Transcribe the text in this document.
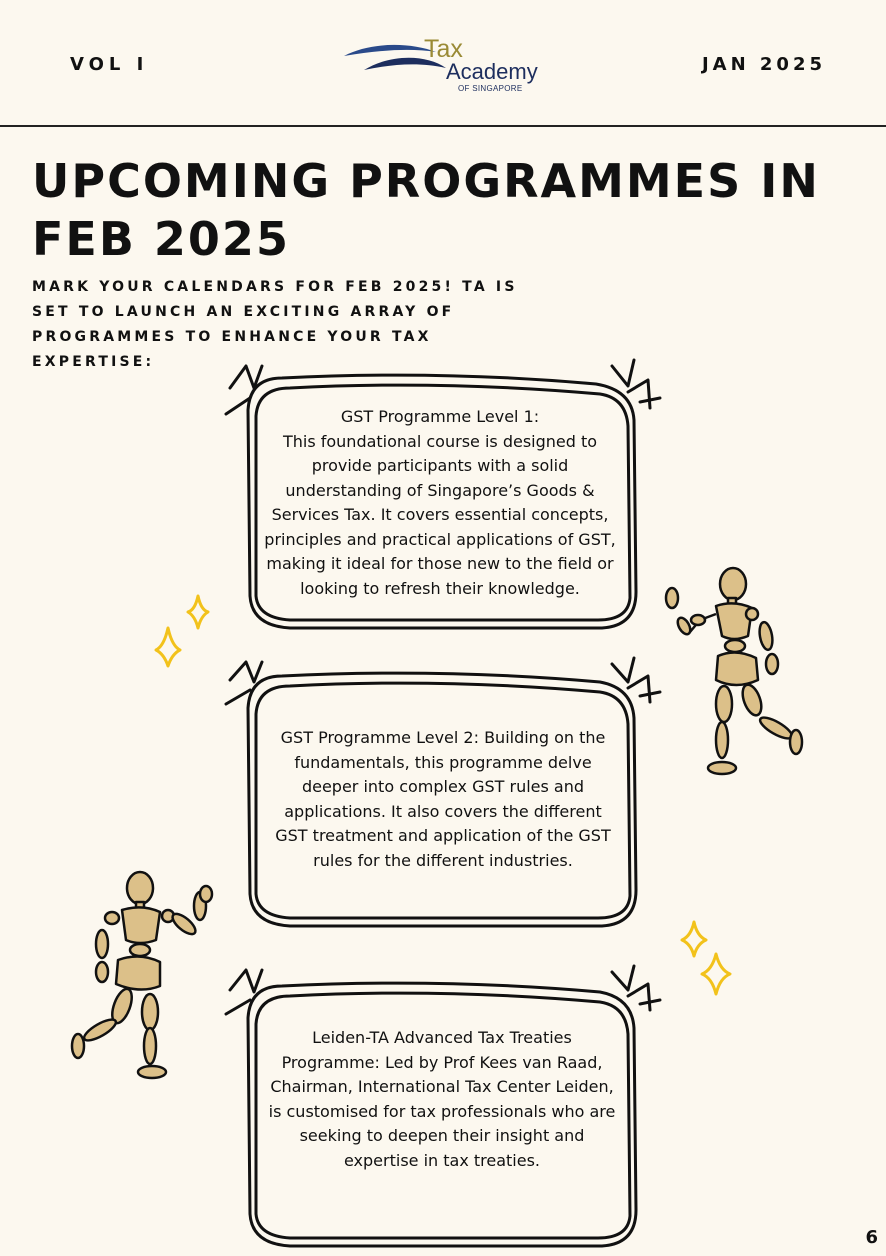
VOL I
Tax
Academy
OF SINGAPORE
JAN 2025
UPCOMING PROGRAMMES IN FEB 2025

MARK YOUR CALENDARS FOR FEB 2025! TA IS SET TO LAUNCH AN EXCITING ARRAY OF PROGRAMMES TO ENHANCE YOUR TAX EXPERTISE:

GST Programme Level 1:
This foundational course is designed to provide participants with a solid understanding of Singapore’s Goods & Services Tax. It covers essential concepts, principles and practical applications of GST, making it ideal for those new to the field or looking to refresh their knowledge.
GST Programme Level 2: Building on the fundamentals, this programme delve deeper into complex GST rules and applications. It also covers the different GST treatment and application of the GST rules for the different industries.
Leiden-TA Advanced Tax Treaties Programme: Led by Prof Kees van Raad, Chairman, International Tax Center Leiden, is customised for tax professionals who are seeking to deepen their insight and expertise in tax treaties.
6
